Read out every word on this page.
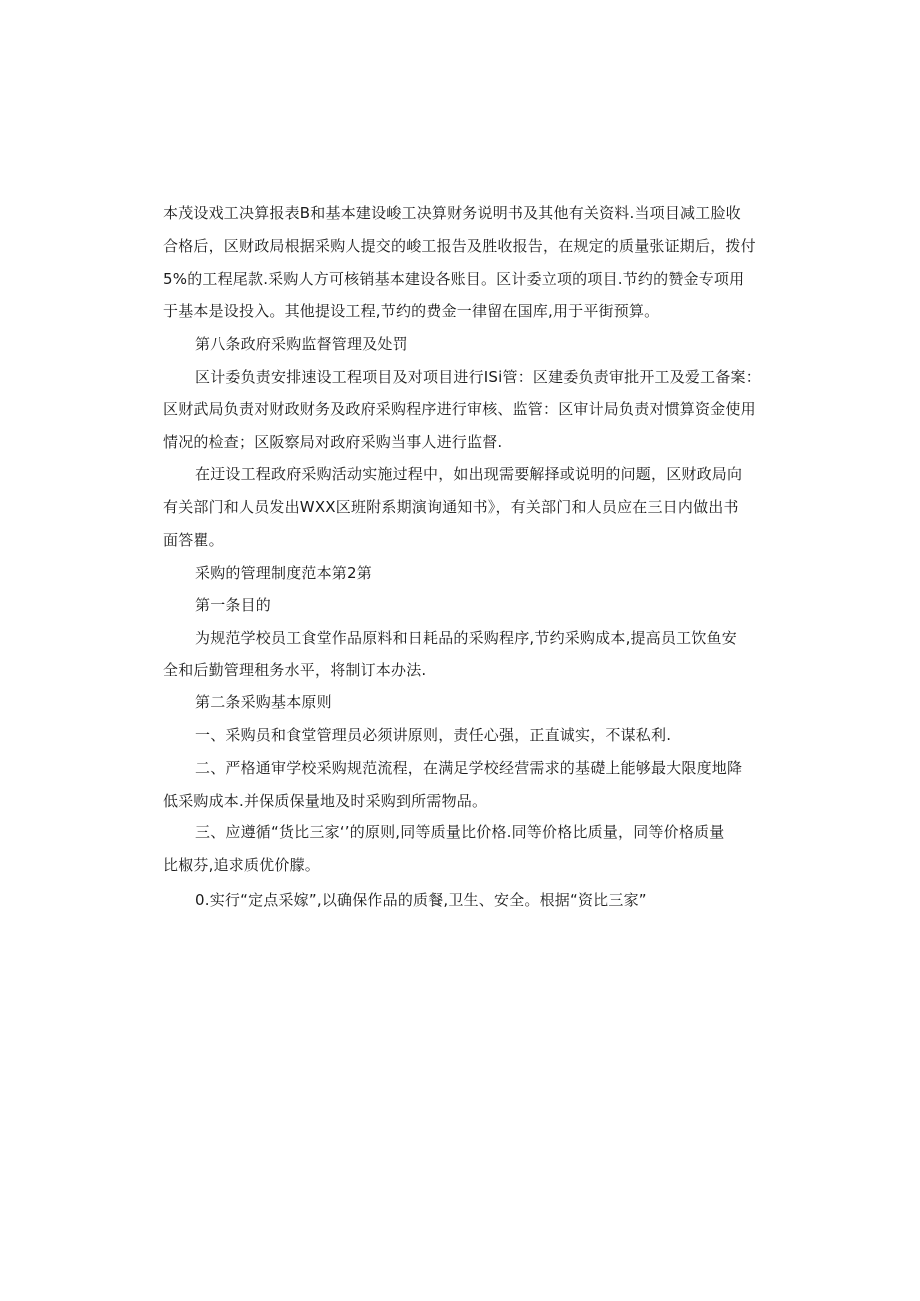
本茂设戏工决算报表B和基本建设峻工决算财务说明书及其他有关资料.当项目减工脸收
合格后，区财政局根据采购人提交的峻工报告及胜收报告，在规定的质量张证期后，拨付
5%的工程尾款.采购人方可核销基本建设各账目。区计委立项的项目.节约的赞金专项用
于基本是设投入。其他提设工程,节约的费金一律留在国库,用于平街预算。
第八条政府采购监督管理及处罚
区计委负责安排速设工程项目及对项目进行ISi管：区建委负责审批开工及爱工备案：
区财武局负责对财政财务及政府采购程序进行审核、监管：区审计局负责对惯算资金使用
情况的检查；区阪察局对政府采购当事人进行监督.
在迂设工程政府采购活动实施过程中，如出现需要解择或说明的问题，区财政局向
有关部门和人员发出WXX区班附系期演询通知书》，有关部门和人员应在三日内做出书
面答瞿。
采购的管理制度范本第2第
第一条目的
为规范学校员工食堂作品原料和日耗品的采购程序,节约采购成本,提高员工饮鱼安
全和后勤管理租务水平，将制订本办法.
第二条采购基本原则
一、采购员和食堂管理员必须讲原则，责任心强，正直诚实，不谋私利.
二、严格通审学校采购规范流程，在满足学校经营需求的基礎上能够最大限度地降
低采购成本.并保质保量地及时采购到所需物品。
三、应遵循“货比三家‘’的原则,同等质量比价格.同等价格比质量，同等价格质量
比椒芬,追求质优价朦。
0.实行“定点采嫁”,以确保作品的质餐,卫生、安全。根据“资比三家”
